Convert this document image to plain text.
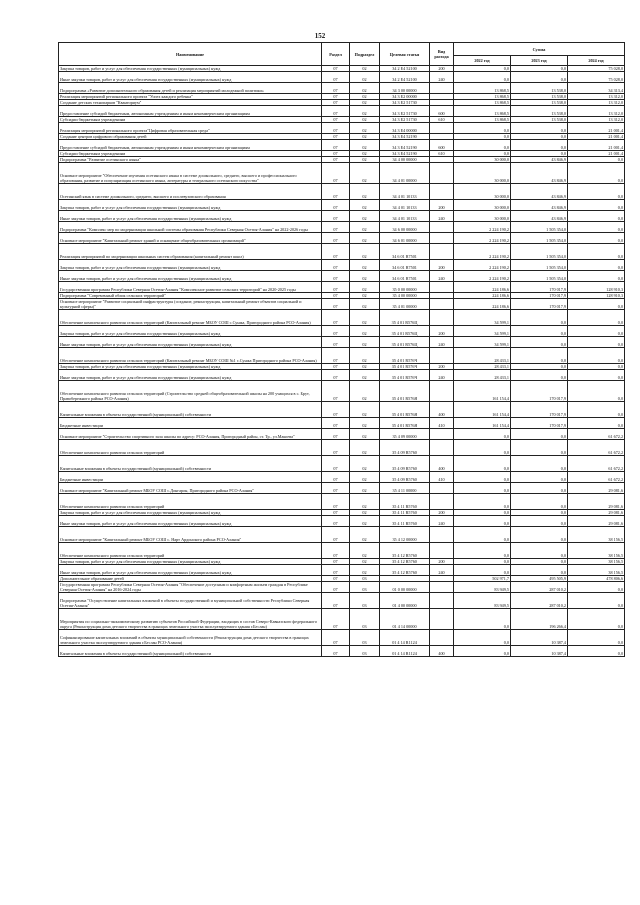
152
Наименование	Раздел	Подраздел	Целевая статья	Вид расхода	Сумма		
					2022 год	2023 год	2024 год
Закупка товаров, работ и услуг для обеспечения государственных (муниципальных) нужд	07	02	34 2 Е4 52100	200	0,0	0,0	75 028,0
Иные закупки товаров, работ и услуг для обеспечения государственных (муниципальных) нужд	07	02	34 2 Е4 52100	240	0,0	0,0	75 028,0
Подпрограмма «Развитие дополнительного образования детей и реализация мероприятий молодежной политики»	07	02	34 3 00 00000		13 868,5	13 538,0	34 313,4
Реализация мероприятий регионального проекта "Успех каждого ребенка"	07	02	34 3 Е2 00000		13 868,5	13 538,0	13 312,0
Создание детских технопарков "Кванториум"	07	02	34 3 Е2 51730		13 868,5	13 538,0	13 312,0
Предоставление субсидий бюджетным, автономным учреждениям и иным некоммерческим организациям	07	02	34 3 Е2 51730	600	13 868,5	13 538,0	13 312,0
Субсидии бюджетным учреждениям	07	02	34 3 Е2 51730	610	13 868,5	13 538,0	13 312,0
Реализация мероприятий регионального проекта"Цифровая образовательная среда"	07	02	34 3 Е4 00000		0,0	0,0	21 001,4
Создание центров цифрового образования детей	07	02	34 3 Е4 52190		0,0	0,0	21 001,4
Предоставление субсидий бюджетным, автономным учреждениям и иным некоммерческим организациям	07	02	34 3 Е4 52190	600	0,0	0,0	21 001,4
Субсидии бюджетным учреждениям	07	02	34 3 Е4 52190	610	0,0	0,0	21 001,4
Подпрограмма "Развитие осетинского языка"	07	02	34 4 00 00000		30 000,0	43 846,9	0,0
Основное мероприятие "Обеспечение изучения осетинского языка в системе дошкольного, среднего, высшего и профессионального образования, развитие и популяризация осетинского языка, литературы и театрального осетинского искусства"	07	02	34 4 01 00000		30 000,0	43 846,9	0,0
Осетинский язык в системе дошкольного, среднего, высшего и послевузовского образования	07	02	34 4 01 10133		30 000,0	43 846,9	0,0
Закупка товаров, работ и услуг для обеспечения государственных (муниципальных) нужд	07	02	34 4 01 10133	200	30 000,0	43 846,9	0,0
Иные закупки товаров, работ и услуг для обеспечения государственных (муниципальных) нужд	07	02	34 4 01 10133	240	30 000,0	43 846,9	0,0
Подпрограмма "Комплекс мер по модернизации школьной системы образования Республики Северная Осетия-Алания" на 2022-2026 годы	07	02	34 6 00 00000		2 224 190,2	1 505 354,0	0,0
Основное мероприятие "Капитальный ремонт зданий и оснащение общеобразовательных организаций"	07	02	34 6 01 00000		2 224 190,2	1 505 354,0	0,0
Реализация мероприятий по модернизации школьных систем образования (капитальный ремонт школ)	07	02	34 6 01 R7501		2 224 190,2	1 505 354,0	0,0
Закупка товаров, работ и услуг для обеспечения государственных (муниципальных) нужд	07	02	34 6 01 R7501	200	2 224 190,2	1 505 354,0	0,0
Иные закупки товаров, работ и услуг для обеспечения государственных (муниципальных) нужд	07	02	34 6 01 R7501	240	2 224 190,2	1 505 354,0	0,0
Государственная программа Республики Северная Осетия-Алания "Комплексное развитие сельских территорий" на 2020-2025 годы	07	02	35 0 00 00000		224 186,6	170 017,9	128 910,3
Подпрограмма "Современный облик сельских территорий"	07	02	35 4 00 00000		224 186,6	170 017,9	128 910,3
Основное мероприятие "Развитие социальной инфраструктуры (создание, реконструкция, капитальный ремонт объектов социальной и культурной сферы)"	07	02	35 4 01 00000		224 186,6	170 017,9	0,0
Обеспечение комплексного развития сельских территорий (Капитальный ремонт МБОУ СОШ с.Сунжа, Пригородного района РСО-Алания)	07	02	35 4 01 R576Ц		34 599,1	0,0	0,0
Закупка товаров, работ и услуг для обеспечения государственных (муниципальных) нужд	07	02	35 4 01 R576Ц	200	34 599,1	0,0	0,0
Иные закупки товаров, работ и услуг для обеспечения государственных (муниципальных) нужд	07	02	35 4 01 R576Ц	240	34 599,1	0,0	0,0
Обеспечение комплексного развития сельских территорий (Капитальный ремонт МБОУ СОШ №1 с.Сунжа Пригородного района РСО-Алания)	07	02	35 4 01 R576Ч		28 433,1	0,0	0,0
Закупка товаров, работ и услуг для обеспечения государственных (муниципальных) нужд	07	02	35 4 01 R576Ч	200	28 433,1	0,0	0,0
Иные закупки товаров, работ и услуг для обеспечения государственных (муниципальных) нужд	07	02	35 4 01 R576Ч	240	28 433,1	0,0	0,0
Обеспечение комплексного развития сельских территорий (Строительство средней общеобразовательной школы на 200 учащихся в с. Брут, Правобережного района РСО-Алания)	07	02	35 4 01 R576Я		161 154,4	170 017,9	0,0
Капитальные вложения в объекты государственной (муниципальной) собственности	07	02	35 4 01 R576Я	400	161 154,4	170 017,9	0,0
Бюджетные инвестиции	07	02	35 4 01 R576Я	410	161 154,4	170 017,9	0,0
Основное мероприятие "Строительство спортивного зала школы по адресу: РСО-Алания, Пригородный район, ст. Тр., ул.Макоева"	07	02	35 4 09 00000		0,0	0,0	61 672,2
Обеспечение комплексного развития сельских территорий	07	02	35 4 09 R5760		0,0	0,0	61 672,2
Капитальные вложения в объекты государственной (муниципальной) собственности	07	02	35 4 09 R5760	400	0,0	0,0	61 672,2
Бюджетные инвестиции	07	02	35 4 09 R5760	410	0,0	0,0	61 672,2
Основное мероприятие "Капитальный ремонт МБОУ СОШ с.Донгарон, Пригородного района РСО-Алания"	07	02	35 4 11 00000		0,0	0,0	29 081,6
Обеспечение комплексного развития сельских территорий	07	02	35 4 11 R5760		0,0	0,0	29 081,6
Закупка товаров, работ и услуг для обеспечения государственных (муниципальных) нужд	07	02	35 4 11 R5760	200	0,0	0,0	29 081,6
Иные закупки товаров, работ и услуг для обеспечения государственных (муниципальных) нужд	07	02	35 4 11 R5760	240	0,0	0,0	29 081,6
Основное мероприятие "Капитальный ремонт МБОУ СОШ с. Нарт Ардонского района РСО-Алания"	07	02	35 4 12 00000		0,0	0,0	38 156,5
Обеспечение комплексного развития сельских территорий	07	02	35 4 12 R5760		0,0	0,0	38 156,5
Закупка товаров, работ и услуг для обеспечения государственных (муниципальных) нужд	07	02	35 4 12 R5760	200	0,0	0,0	38 156,5
Иные закупки товаров, работ и услуг для обеспечения государственных (муниципальных) нужд	07	02	35 4 12 R5760	240	0,0	0,0	38 156,5
Дополнительное образование детей	07	03			502 971,7	495 505,9	478 806,6
Государственная программа Республики Северная Осетия-Алания "Обеспечение доступным и комфортным жильем граждан в Республике Северная Осетия-Алания" на 2016-2024 годы	07	03	01 0 00 00000		83 949,5	287 010,2	0,0
Подпрограмма "Осуществление капитальных вложений в объекты государственной и муниципальной собственности Республики Северная Осетия-Алания"	07	03	01 4 00 00000		83 949,5	287 010,2	0,0
Мероприятия по социально-экономическому развитию субъектов Российской Федерации, входящих в состав Северо-Кавказского федерального округа (Реконструкция дома детского творчества в границах земельного участка эксплуатируемого здания г.Беслан)	07	03	01 4 14 00000		0,0	196 266,4	0,0
Софинансирование капитальных вложений в объекты муниципальной собственности (Реконструкция дома детского творчества в границах земельного участка эксплуатируемого здания г.Беслан РСО-Алания)	07	03	01 4 14 R1124		0,0	10 387,4	0,0
Капитальные вложения в объекты государственной (муниципальной) собственности	07	03	01 4 14 R1124	400	0,0	10 387,4	0,0
